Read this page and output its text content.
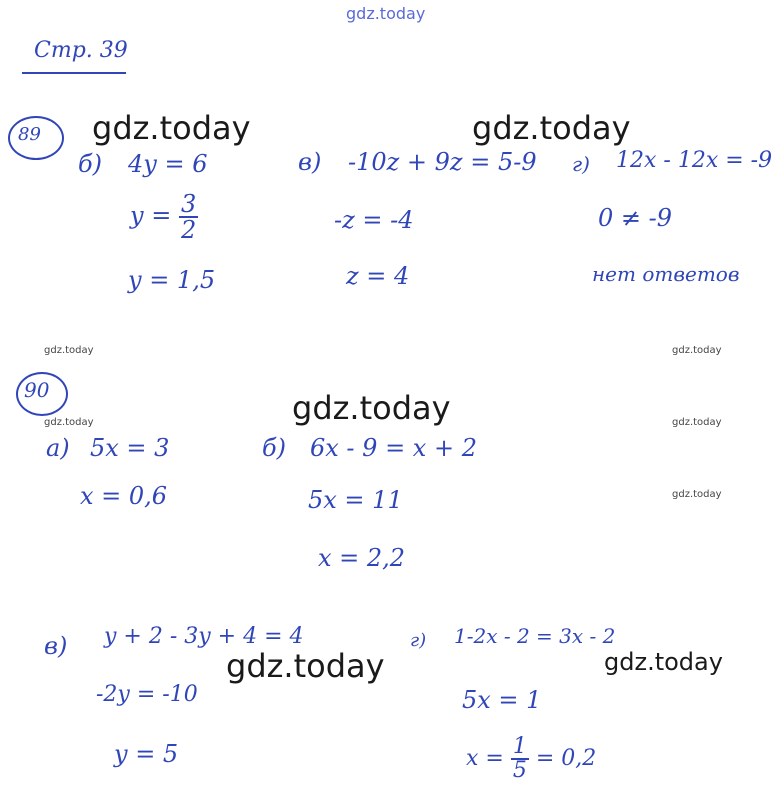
gdz.today
Стр. 39
89
б) 4y = 6
$y = \frac{3}{2}$
y = 1,5
в) -10z + 9z = 5-9
-z = -4
z = 4
г) 12x - 12x = -9
0 ≠ -9
нет ответов
90
а) 5x = 3
x = 0,6
б) 6x - 9 = x + 2
5x = 11
x = 2,2
в) y + 2 - 3y + 4 = 4
-2y = -10
y = 5
г) 1-2x - 2 = 3x - 2
5x = 1
$x = \frac{1}{5} = 0,2$
gdz.today	gdz.today
gdz.today
gdz.today	gdz.today
gdz.today	gdz.today
gdz.today	gdz.today
gdz.today
